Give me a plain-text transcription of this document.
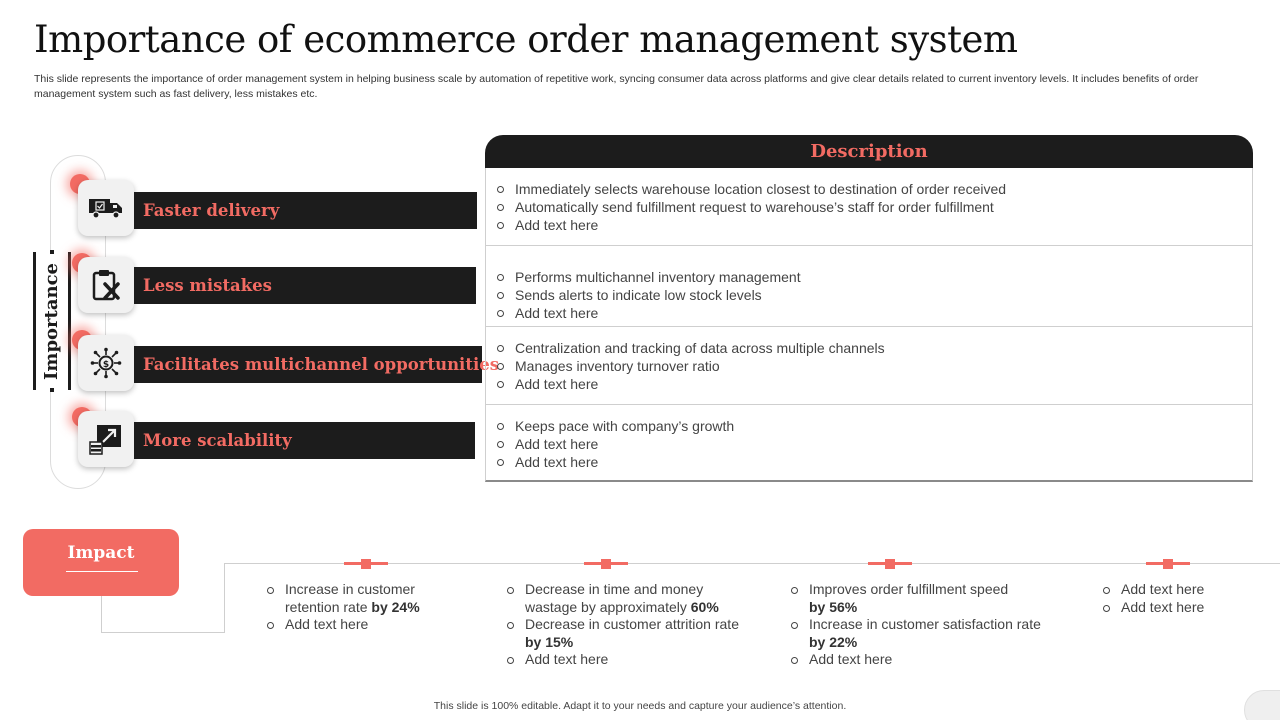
Importance of ecommerce order management system
This slide represents the importance of order management system in helping business scale by automation of repetitive work, syncing consumer data across platforms and give clear details related to current inventory levels. It includes benefits of order management system such as fast delivery, less mistakes etc.
Importance
Faster delivery
Less mistakes
$	Facilitates multichannel opportunities
More scalability
Description
Immediately selects warehouse location closest to destination of order received
Automatically send fulfillment request to warehouse’s staff for order fulfillment
Add text here
Performs multichannel inventory management
Sends alerts to indicate low stock levels
Add text here
Centralization and tracking of data across multiple channels
Manages inventory turnover ratio
Add text here
Keeps pace with company’s growth
Add text here
Add text here
Impact
Increase in customer
retention rate by 24%
Add text here
Decrease in time and money
wastage by approximately 60%
Decrease in customer attrition rate
by 15%
Add text here
Improves order fulfillment speed
by 56%
Increase in customer satisfaction rate
by 22%
Add text here
Add text here
Add text here
This slide is 100% editable. Adapt it to your needs and capture your audience’s attention.
